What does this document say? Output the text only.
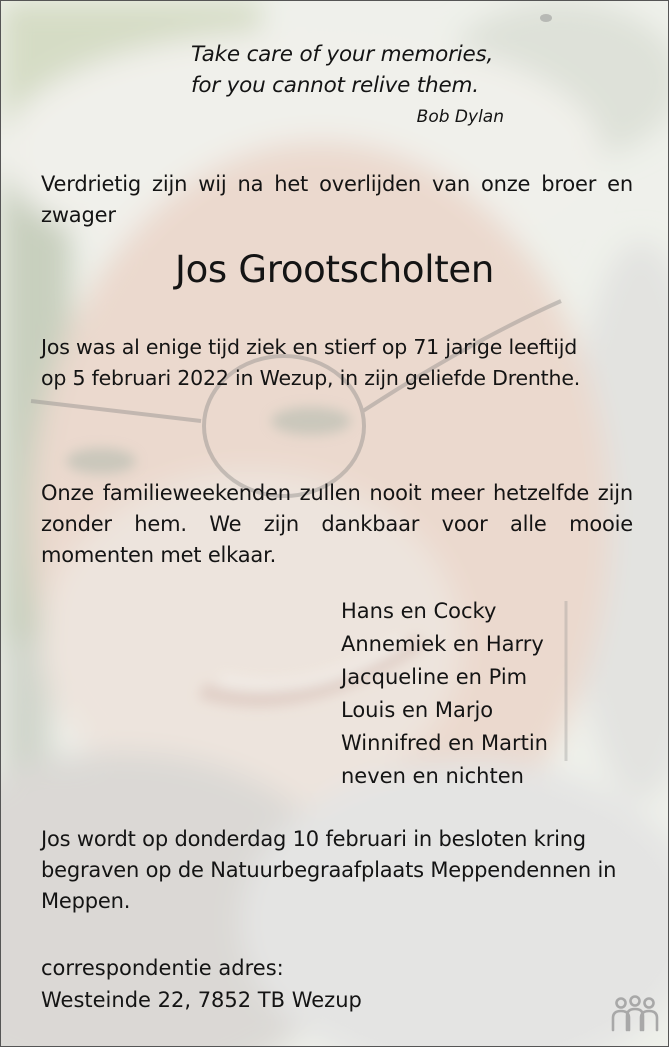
Take care of your memories,
for you cannot relive them.
Bob Dylan
Verdrietig zijn wij na het overlijden van onze broer en zwager
Jos Grootscholten
Jos was al enige tijd ziek en stierf op 71 jarige leeftijd
op 5 februari 2022 in Wezup, in zijn geliefde Drenthe.
Onze familieweekenden zullen nooit meer hetzelfde zijn zonder hem. We zijn dankbaar voor alle mooie momenten met elkaar.
Hans en Cocky
Annemiek en Harry
Jacqueline en Pim
Louis en Marjo
Winnifred en Martin
neven en nichten
Jos wordt op donderdag 10 februari in besloten kring begraven op de Natuurbegraafplaats Meppendennen in Meppen.
correspondentie adres:
Westeinde 22, 7852 TB Wezup
